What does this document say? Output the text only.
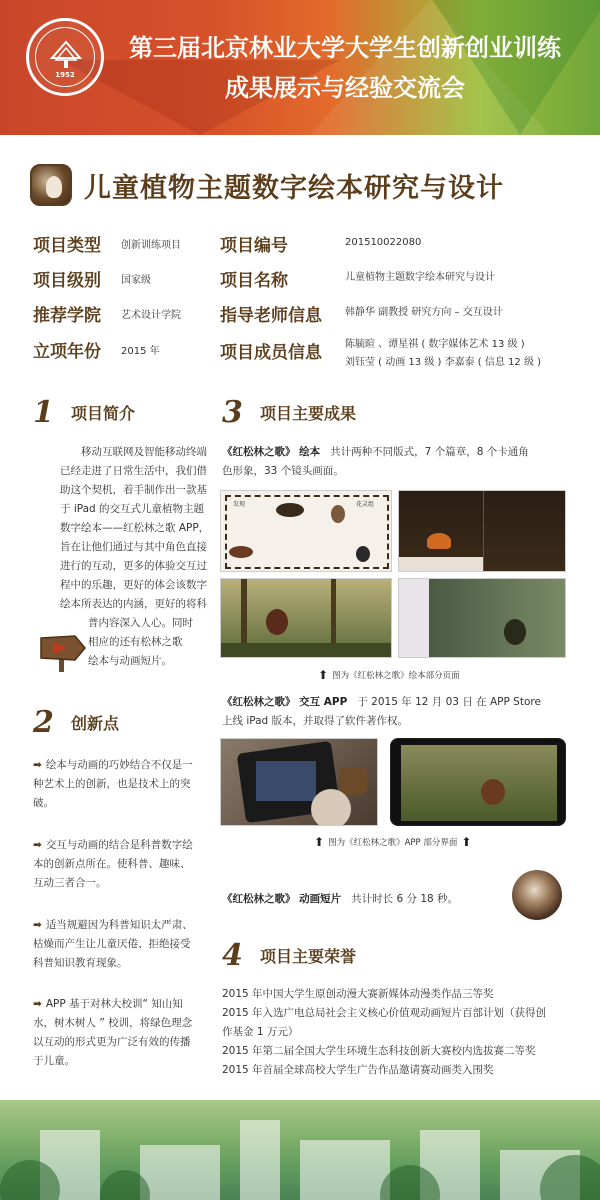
1952
第三届北京林业大学大学生创新创业训练
成果展示与经验交流会
儿童植物主题数字绘本研究与设计
项目类型	创新训练项目
项目级别	国家级
推荐学院	艺术设计学院
立项年份	2015 年
项目编号	201510022080
项目名称	儿童植物主题数字绘本研究与设计
指导老师信息	韩静华 副教授 研究方向 – 交互设计
项目成员信息	陈毓暄 、谭星祺 ( 数字媒体艺术 13 级 )
刘钰莹 ( 动画 13 级 ) 李嘉泰 ( 信息 12 级 )
1	项目简介
　　移动互联网及智能移动终端
已经走进了日常生活中，我们借
助这个契机，着手制作出一款基
于 iPad 的交互式儿童植物主题
数字绘本——红松林之歌 APP，
旨在让他们通过与其中角色直接
进行的互动，更多的体验交互过
程中的乐趣，更好的体会该数字
绘本所表达的内涵，更好的将科
普内容深入人心。同时
相应的还有松林之歌
绘本与动画短片。
2	创新点
➡ 绘本与动画的巧妙结合不仅是一种艺术上的创新，也是技术上的突破。
➡ 交互与动画的结合是科普数字绘本的创新点所在。使科普、趣味、互动三者合一。
➡ 适当规避因为科普知识太严肃、枯燥而产生让儿童厌倦、拒绝接受科普知识教育现象。
➡ APP 基于对林大校训“ 知山知水，树木树人 ” 校训，将绿色理念以互动的形式更为广泛有效的传播于儿童。
3	项目主要成果
《红松林之歌》 绘本 共计两种不同版式，7 个篇章，8 个卡通角
色形象，33 个镜头画面。
发现	花灵组
⬆ 图为《红松林之歌》绘本部分页面
《红松林之歌》 交互 APP 于 2015 年 12 月 03 日 在 APP Store
上线 iPad 版本，并取得了软件著作权。
⬆ 图为《红松林之歌》APP 部分界面 ⬆
《红松林之歌》 动画短片 共计时长 6 分 18 秒。
4	项目主要荣誉
2015 年中国大学生原创动漫大赛新媒体动漫类作品三等奖
2015 年入选广电总局社会主义核心价值观动画短片百部计划（获得创
作基金 1 万元）
2015 年第二届全国大学生环境生态科技创新大赛校内选拔赛二等奖
2015 年首届全球高校大学生广告作品邀请赛动画类入围奖
